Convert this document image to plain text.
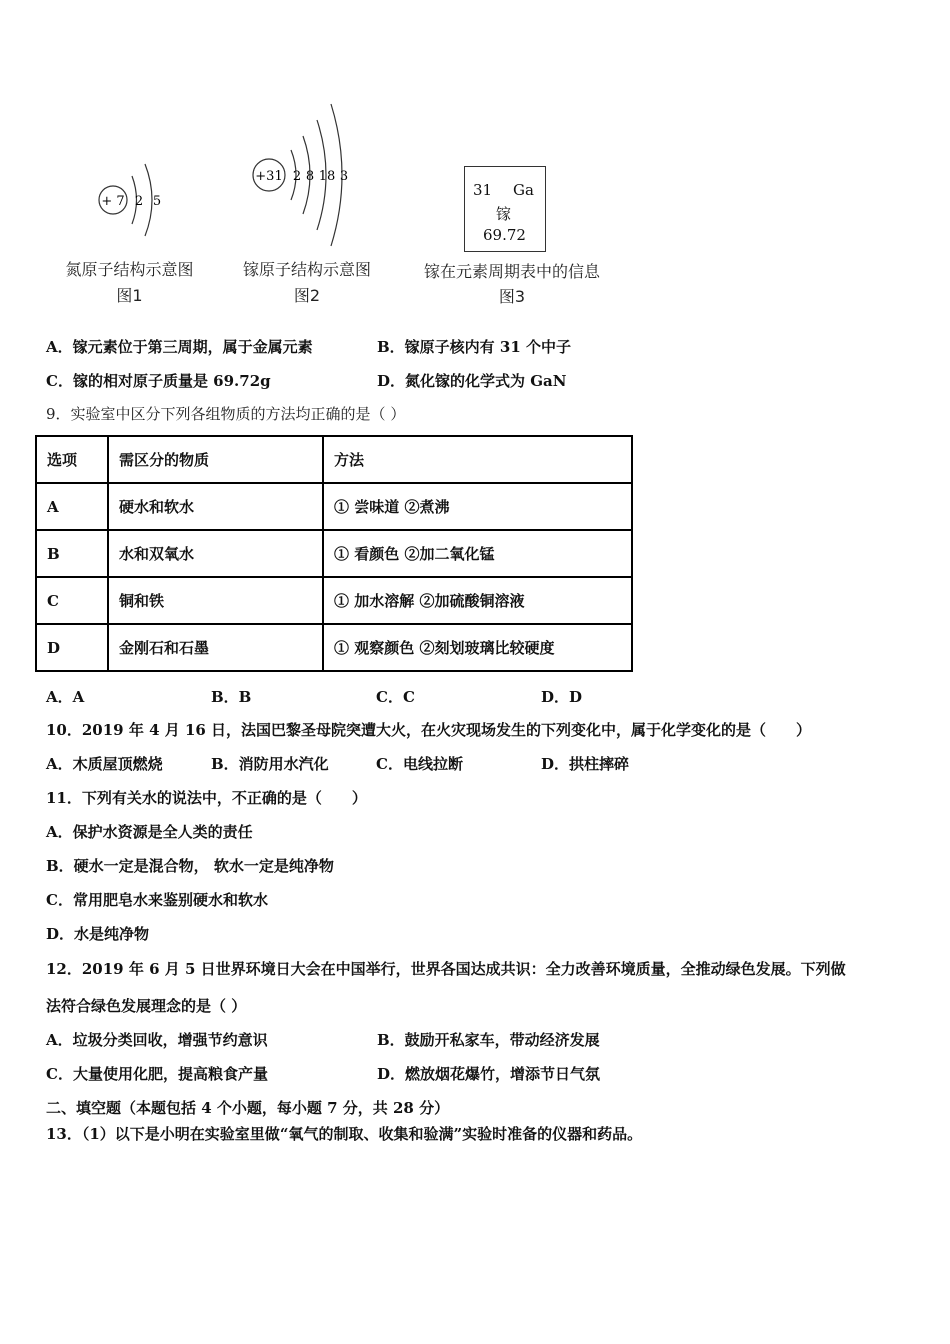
+ 7 2 5
氮原子结构示意图
图1
+31 2 8 18 3
镓原子结构示意图
图2
31 Ga
镓
69.72
镓在元素周期表中的信息
图3
A．镓元素位于第三周期，属于金属元素	B．镓原子核内有 31 个中子
C．镓的相对原子质量是 69.72g	D．氮化镓的化学式为 GaN
9．实验室中区分下列各组物质的方法均正确的是（ ）
选项	需区分的物质	方法
A	硬水和软水	① 尝味道 ②煮沸
B	水和双氧水	① 看颜色 ②加二氧化锰
C	铜和铁	① 加水溶解 ②加硫酸铜溶液
D	金刚石和石墨	① 观察颜色 ②刻划玻璃比较硬度
A．A	B．B	C．C	D．D
10．2019 年 4 月 16 日，法国巴黎圣母院突遭大火，在火灾现场发生的下列变化中，属于化学变化的是（　　）
A．木质屋顶燃烧	B．消防用水汽化	C．电线拉断	D．拱柱摔碎
11．下列有关水的说法中，不正确的是（　　）
A．保护水资源是全人类的责任
B．硬水一定是混合物， 软水一定是纯净物
C．常用肥皂水来鉴别硬水和软水
D．水是纯净物
12．2019 年 6 月 5 日世界环境日大会在中国举行，世界各国达成共识：全力改善环境质量，全推动绿色发展。下列做
法符合绿色发展理念的是（ ）
A．垃圾分类回收，增强节约意识	B．鼓励开私家车，带动经济发展
C．大量使用化肥，提高粮食产量	D．燃放烟花爆竹，增添节日气氛
二、填空题（本题包括 4 个小题，每小题 7 分，共 28 分）
13．（1）以下是小明在实验室里做“氧气的制取、收集和验满”实验时准备的仪器和药品。
